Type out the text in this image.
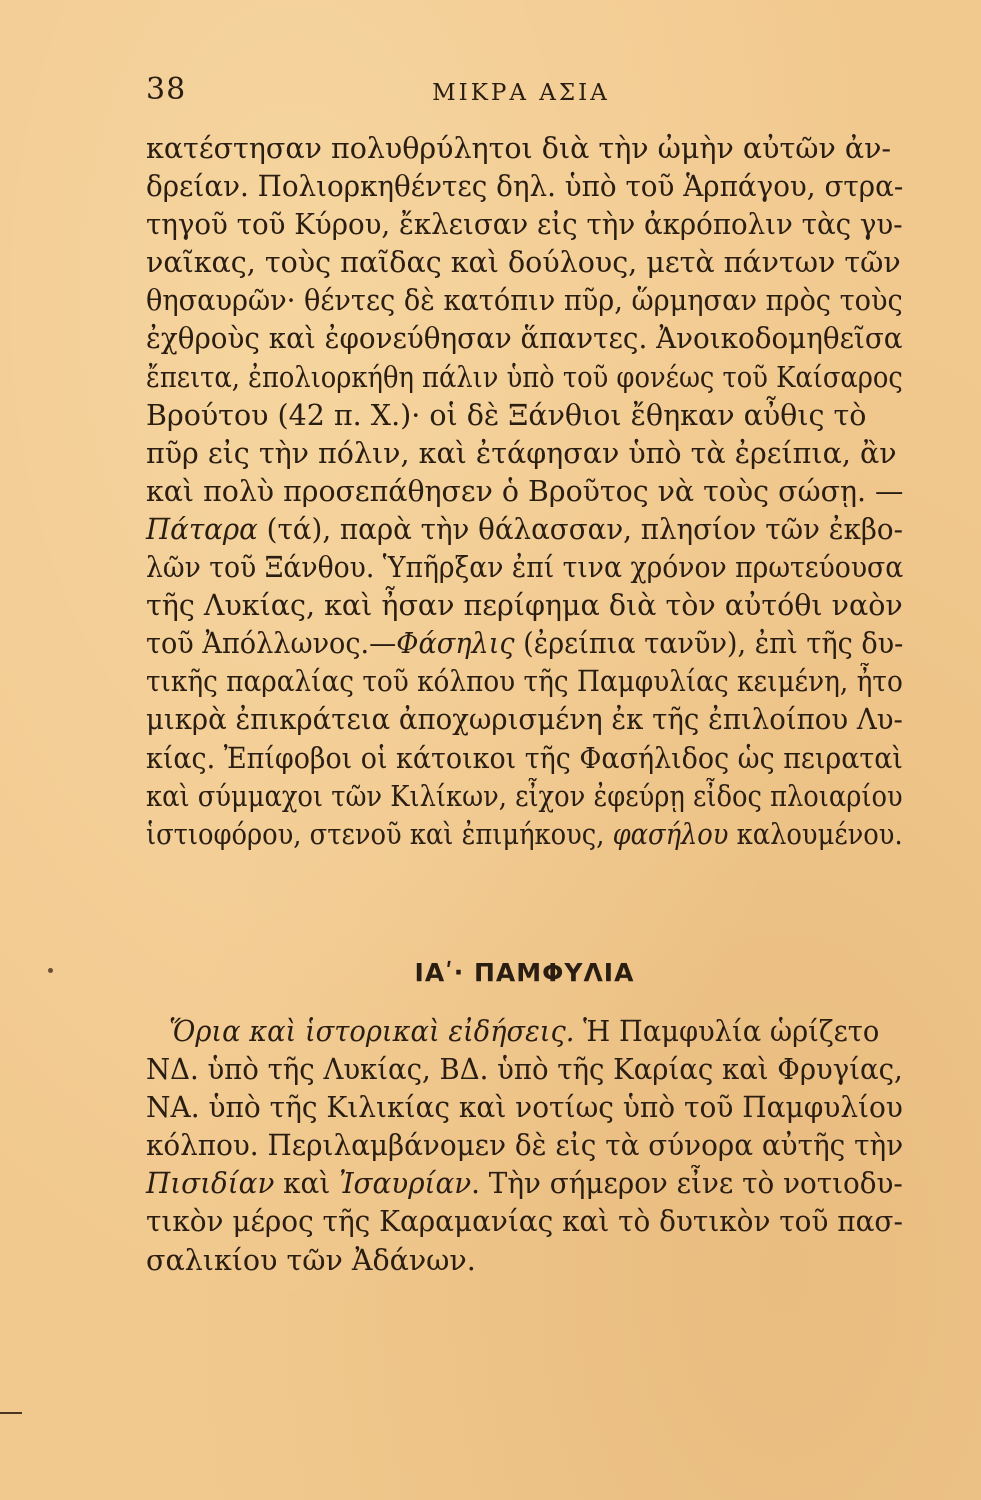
38	ΜΙΚΡΑ ΑΣΙΑ
κατέστησαν πολυθρύλητοι διὰ τὴν ὠμὴν αὐτῶν ἀν-
δρείαν. Πολιορκηθέντες δηλ. ὑπὸ τοῦ Ἁρπάγου, στρα-
τηγοῦ τοῦ Κύρου, ἔκλεισαν εἰς τὴν ἀκρόπολιν τὰς γυ-
ναῖκας, τοὺς παῖδας καὶ δούλους, μετὰ πάντων τῶν
θησαυρῶν· θέντες δὲ κατόπιν πῦρ, ὥρμησαν πρὸς τοὺς
ἐχθροὺς καὶ ἐφονεύθησαν ἅπαντες. Ἀνοικοδομηθεῖσα
ἔπειτα, ἐπολιορκήθη πάλιν ὑπὸ τοῦ φονέως τοῦ Καίσαρος
Βρούτου (42 π. Χ.)· οἱ δὲ Ξάνθιοι ἔθηκαν αὖθις τὸ
πῦρ εἰς τὴν πόλιν, καὶ ἐτάφησαν ὑπὸ τὰ ἐρείπια, ἂν
καὶ πολὺ προσεπάθησεν ὁ Βροῦτος νὰ τοὺς σώσῃ. —
Πάταρα (τά), παρὰ τὴν θάλασσαν, πλησίον τῶν ἐκβο-
λῶν τοῦ Ξάνθου. Ὑπῆρξαν ἐπί τινα χρόνον πρωτεύουσα
τῆς Λυκίας, καὶ ἦσαν περίφημα διὰ τὸν αὐτόθι ναὸν
τοῦ Ἀπόλλωνος.—Φάσηλις (ἐρείπια τανῦν), ἐπὶ τῆς δυ-
τικῆς παραλίας τοῦ κόλπου τῆς Παμφυλίας κειμένη, ἦτο
μικρὰ ἐπικράτεια ἀποχωρισμένη ἐκ τῆς ἐπιλοίπου Λυ-
κίας. Ἐπίφοβοι οἱ κάτοικοι τῆς Φασήλιδος ὡς πειραταὶ
καὶ σύμμαχοι τῶν Κιλίκων, εἶχον ἐφεύρῃ εἶδος πλοιαρίου
ἱστιοφόρου, στενοῦ καὶ ἐπιμήκους, φασήλου καλουμένου.
ΙΑʹ· ΠΑΜΦΥΛΙΑ
Ὅρια καὶ ἱστορικαὶ εἰδήσεις. Ἡ Παμφυλία ὡρίζετο
ΝΔ. ὑπὸ τῆς Λυκίας, ΒΔ. ὑπὸ τῆς Καρίας καὶ Φρυγίας,
ΝΑ. ὑπὸ τῆς Κιλικίας καὶ νοτίως ὑπὸ τοῦ Παμφυλίου
κόλπου. Περιλαμβάνομεν δὲ εἰς τὰ σύνορα αὐτῆς τὴν
Πισιδίαν καὶ Ἰσαυρίαν. Τὴν σήμερον εἶνε τὸ νοτιοδυ-
τικὸν μέρος τῆς Καραμανίας καὶ τὸ δυτικὸν τοῦ πασ-
σαλικίου τῶν Ἀδάνων.
